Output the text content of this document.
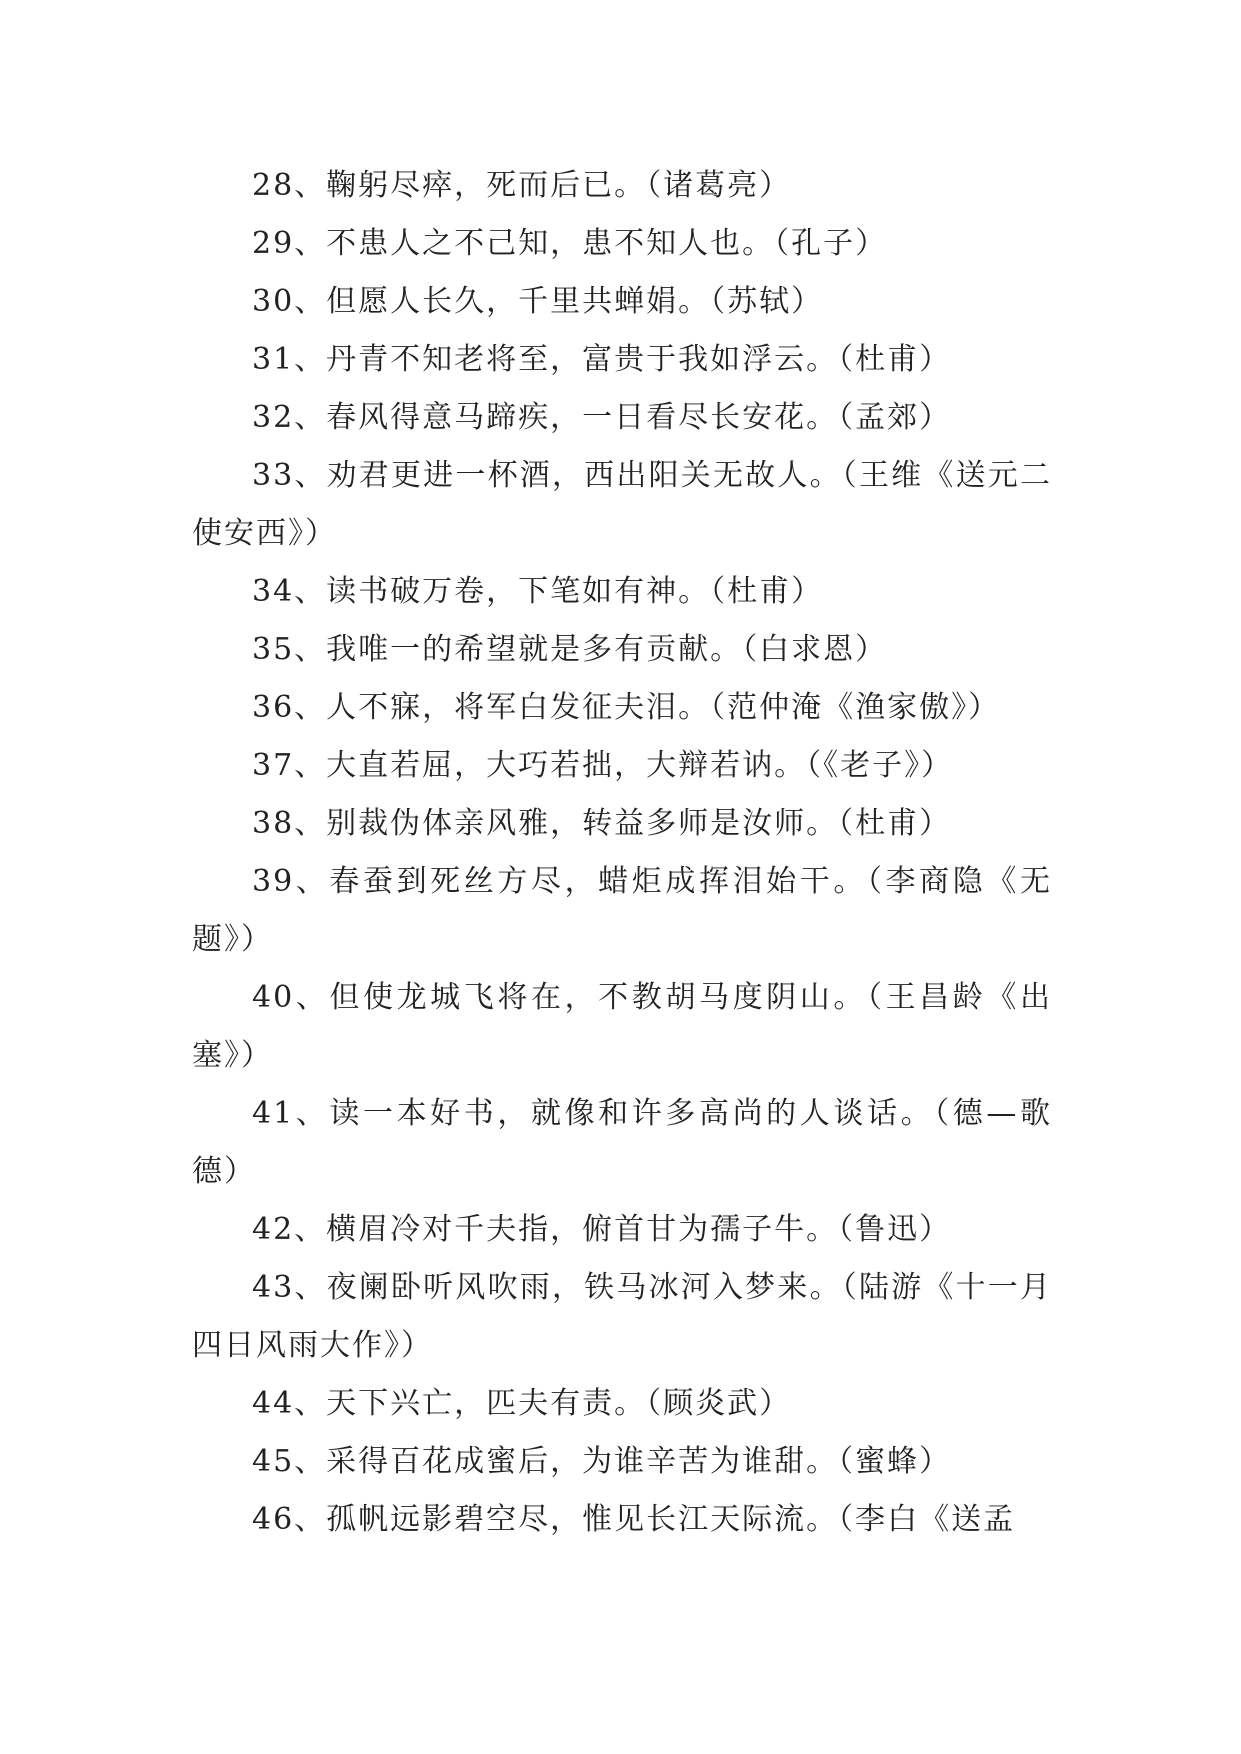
28、鞠躬尽瘁，死而后已。（诸葛亮）

29、不患人之不己知，患不知人也。（孔子）

30、但愿人长久，千里共蝉娟。（苏轼）

31、丹青不知老将至，富贵于我如浮云。（杜甫）

32、春风得意马蹄疾，一日看尽长安花。（孟郊）

33、劝君更进一杯酒，西出阳关无故人。（王维《送元二使安西》）

34、读书破万卷，下笔如有神。（杜甫）

35、我唯一的希望就是多有贡献。（白求恩）

36、人不寐，将军白发征夫泪。（范仲淹《渔家傲》）

37、大直若屈，大巧若拙，大辩若讷。（《老子》）

38、别裁伪体亲风雅，转益多师是汝师。（杜甫）

39、春蚕到死丝方尽，蜡炬成挥泪始干。（李商隐《无题》）

40、但使龙城飞将在，不教胡马度阴山。（王昌龄《出塞》）

41、读一本好书，就像和许多高尚的人谈话。（德—歌德）

42、横眉冷对千夫指，俯首甘为孺子牛。（鲁迅）

43、夜阑卧听风吹雨，铁马冰河入梦来。（陆游《十一月四日风雨大作》）

44、天下兴亡，匹夫有责。（顾炎武）

45、采得百花成蜜后，为谁辛苦为谁甜。（蜜蜂）

46、孤帆远影碧空尽，惟见长江天际流。（李白《送孟
